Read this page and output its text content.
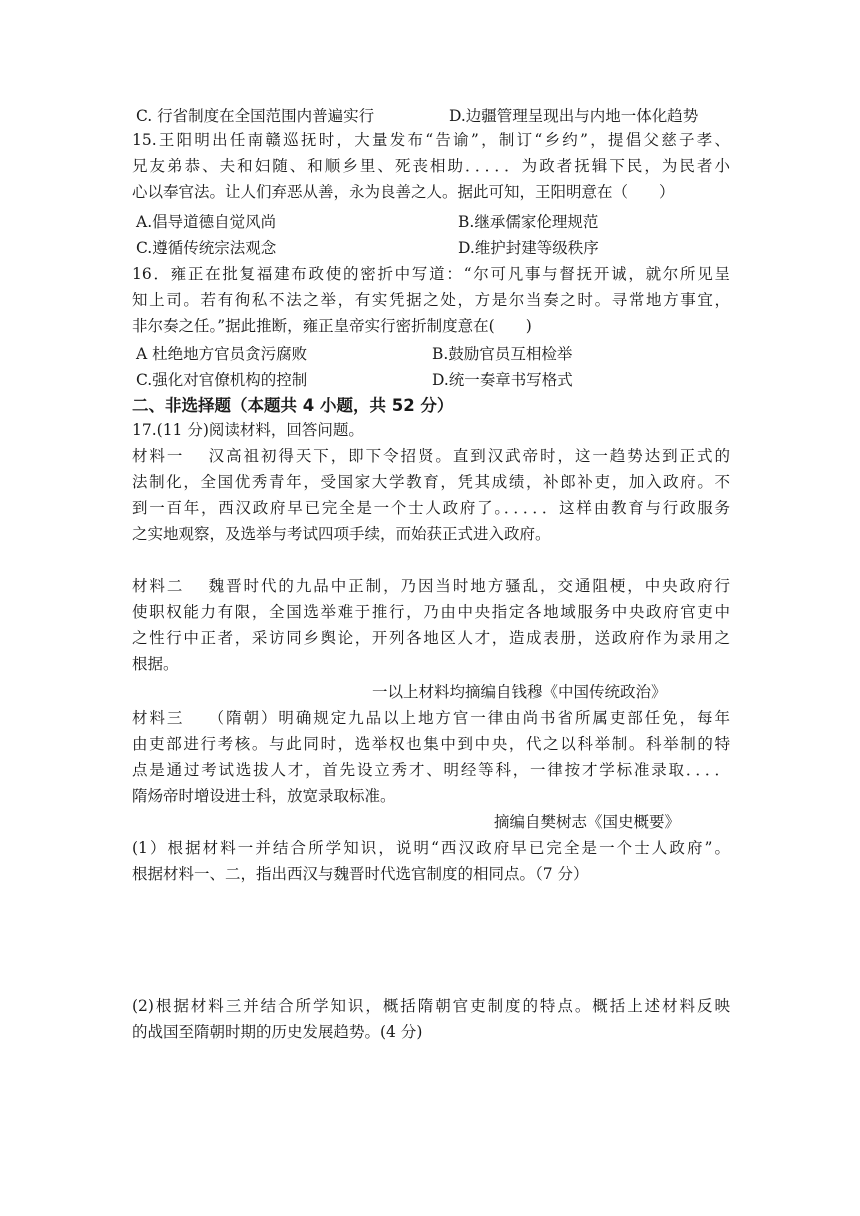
C. 行省制度在全国范围内普遍实行	D.边疆管理呈现出与内地一体化趋势
15.王阳明出任南赣巡抚时，大量发布“告谕”，制订“乡约”，提倡父慈子孝、
兄友弟恭、夫和妇随、和顺乡里、死丧相助．．．．．为政者抚辑下民，为民者小
心以奉官法。让人们弃恶从善，永为良善之人。据此可知，王阳明意在（　　）
A.倡导道德自觉风尚	B.继承儒家伦理规范
C.遵循传统宗法观念	D.维护封建等级秩序
16．雍正在批复福建布政使的密折中写道：“尔可凡事与督抚开诚，就尔所见呈
知上司。若有徇私不法之举，有实凭据之处，方是尔当奏之时。寻常地方事宜，
非尔奏之任。”据此推断，雍正皇帝实行密折制度意在(　　)
A 杜绝地方官员贪污腐败	B.鼓励官员互相检举
C.强化对官僚机构的控制	D.统一奏章书写格式
二、非选择题（本题共 4 小题，共 52 分）
17.(11 分)阅读材料，回答问题。
材料一　 汉高祖初得天下，即下令招贤。直到汉武帝时，这一趋势达到正式的
法制化，全国优秀青年，受国家大学教育，凭其成绩，补郎补吏，加入政府。不
到一百年，西汉政府早已完全是一个士人政府了。．．．．．这样由教育与行政服务
之实地观察，及选举与考试四项手续，而始获正式进入政府。
材料二　 魏晋时代的九品中正制，乃因当时地方骚乱，交通阻梗，中央政府行
使职权能力有限，全国选举难于推行，乃由中央指定各地域服务中央政府官吏中
之性行中正者，采访同乡舆论，开列各地区人才，造成表册，送政府作为录用之
根据。
一以上材料均摘编自钱穆《中国传统政治》
材料三　 （隋朝）明确规定九品以上地方官一律由尚书省所属吏部任免，每年
由吏部进行考核。与此同时，选举权也集中到中央，代之以科举制。科举制的特
点是通过考试选拔人才，首先设立秀才、明经等科，一律按才学标准录取．．．．
隋炀帝时增设进士科，放宽录取标准。
摘编自樊树志《国史概要》
(1）根据材料一并结合所学知识，说明“西汉政府早已完全是一个士人政府”。
根据材料一、二，指出西汉与魏晋时代选官制度的相同点。（7 分）
(2)根据材料三并结合所学知识，概括隋朝官吏制度的特点。概括上述材料反映
的战国至隋朝时期的历史发展趋势。(4 分)
